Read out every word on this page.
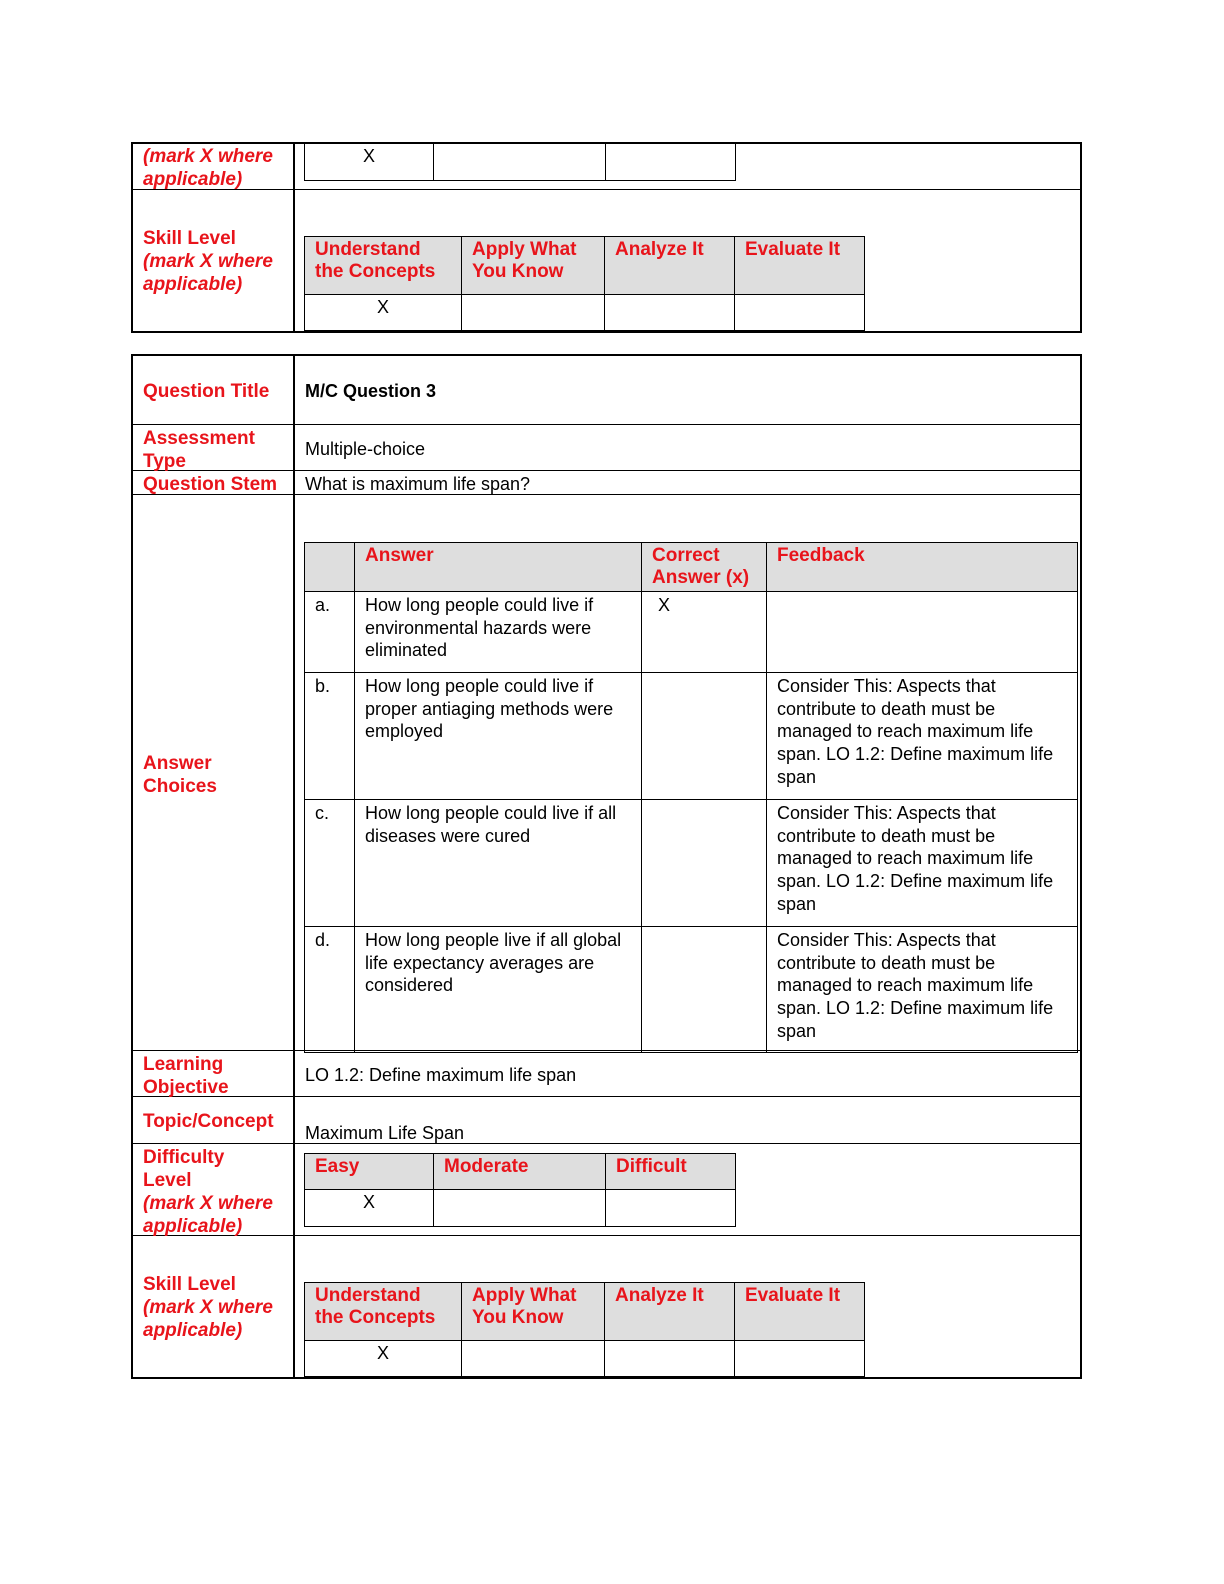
(mark X where applicable)
X		
Skill Level
(mark X where applicable)
Understand the Concepts	Apply What You Know	Analyze It	Evaluate It
X			
Question Title	M/C Question 3
Assessment Type
Multiple-choice
Question Stem	What is maximum life span?
Answer Choices
	Answer	Correct Answer (x)	Feedback
a.	How long people could live if environmental hazards were eliminated	X	
b.	How long people could live if proper antiaging methods were employed		Consider This: Aspects that contribute to death must be managed to reach maximum life span. LO 1.2: Define maximum life span
c.	How long people could live if all diseases were cured		Consider This: Aspects that contribute to death must be managed to reach maximum life span. LO 1.2: Define maximum life span
d.	How long people live if all global life expectancy averages are considered		Consider This: Aspects that contribute to death must be managed to reach maximum life span. LO 1.2: Define maximum life span
Learning Objective
LO 1.2: Define maximum life span
Topic/Concept
Maximum Life Span
Difficulty Level
(mark X where applicable)
Easy	Moderate	Difficult
X		
Skill Level
(mark X where applicable)
Understand the Concepts	Apply What You Know	Analyze It	Evaluate It
X			
